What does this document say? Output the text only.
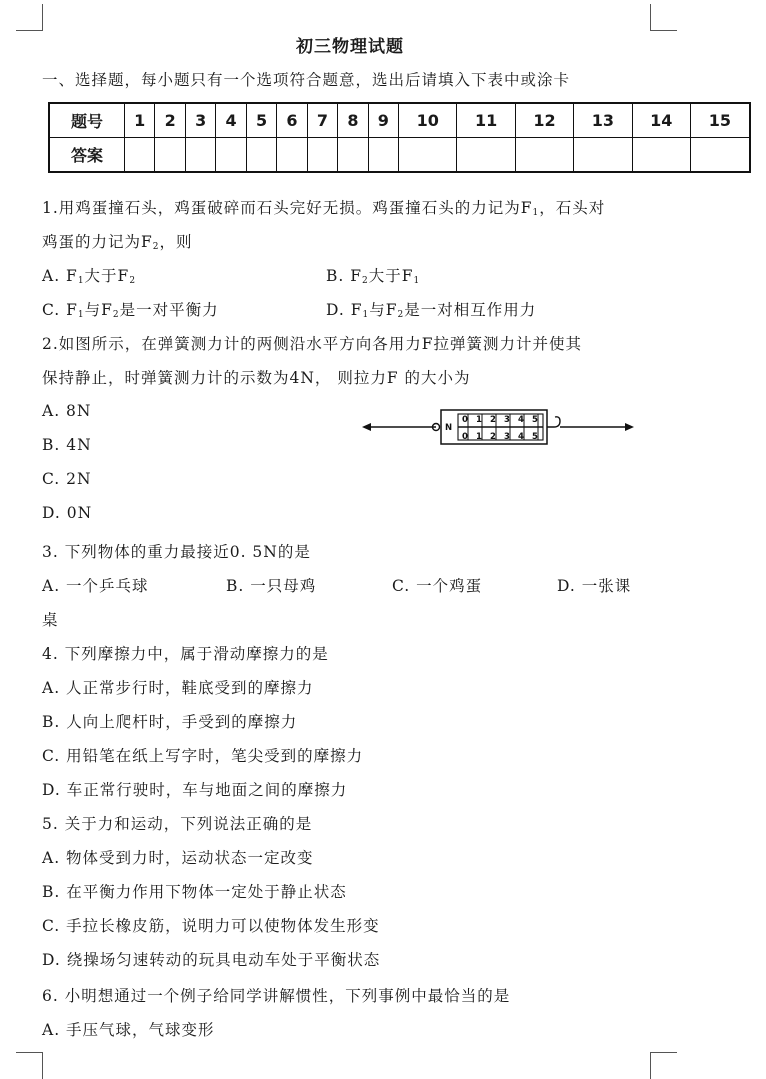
初三物理试题
一、选择题，每小题只有一个选项符合题意，选出后请填入下表中或涂卡
题号	1	2	3	4	5	6	7	8	9	10	11	12	13	14	15
答案															
1.用鸡蛋撞石头，鸡蛋破碎而石头完好无损。鸡蛋撞石头的力记为$F_1$，石头对
鸡蛋的力记为$F_2$，则
A. $F_1$大于$F_2$	B. $F_2$大于$F_1$
C. $F_1$与$F_2$是一对平衡力	D. $F_1$与$F_2$是一对相互作用力
2.如图所示，在弹簧测力计的两侧沿水平方向各用力F拉弹簧测力计并使其
保持静止，时弹簧测力计的示数为4N， 则拉力F 的大小为
A. 8N
B. 4N
C. 2N
D. 0N
N
0 1 2 3 4 5
0 1 2 3 4 5
3. 下列物体的重力最接近0. 5N的是
A. 一个乒乓球	B. 一只母鸡	C. 一个鸡蛋	D. 一张课
桌
4. 下列摩擦力中，属于滑动摩擦力的是
A. 人正常步行时，鞋底受到的摩擦力
B. 人向上爬杆时，手受到的摩擦力
C. 用铅笔在纸上写字时，笔尖受到的摩擦力
D. 车正常行驶时，车与地面之间的摩擦力
5. 关于力和运动，下列说法正确的是
A. 物体受到力时，运动状态一定改变
B. 在平衡力作用下物体一定处于静止状态
C. 手拉长橡皮筋，说明力可以使物体发生形变
D. 绕操场匀速转动的玩具电动车处于平衡状态
6. 小明想通过一个例子给同学讲解惯性，下列事例中最恰当的是
A. 手压气球，气球变形
